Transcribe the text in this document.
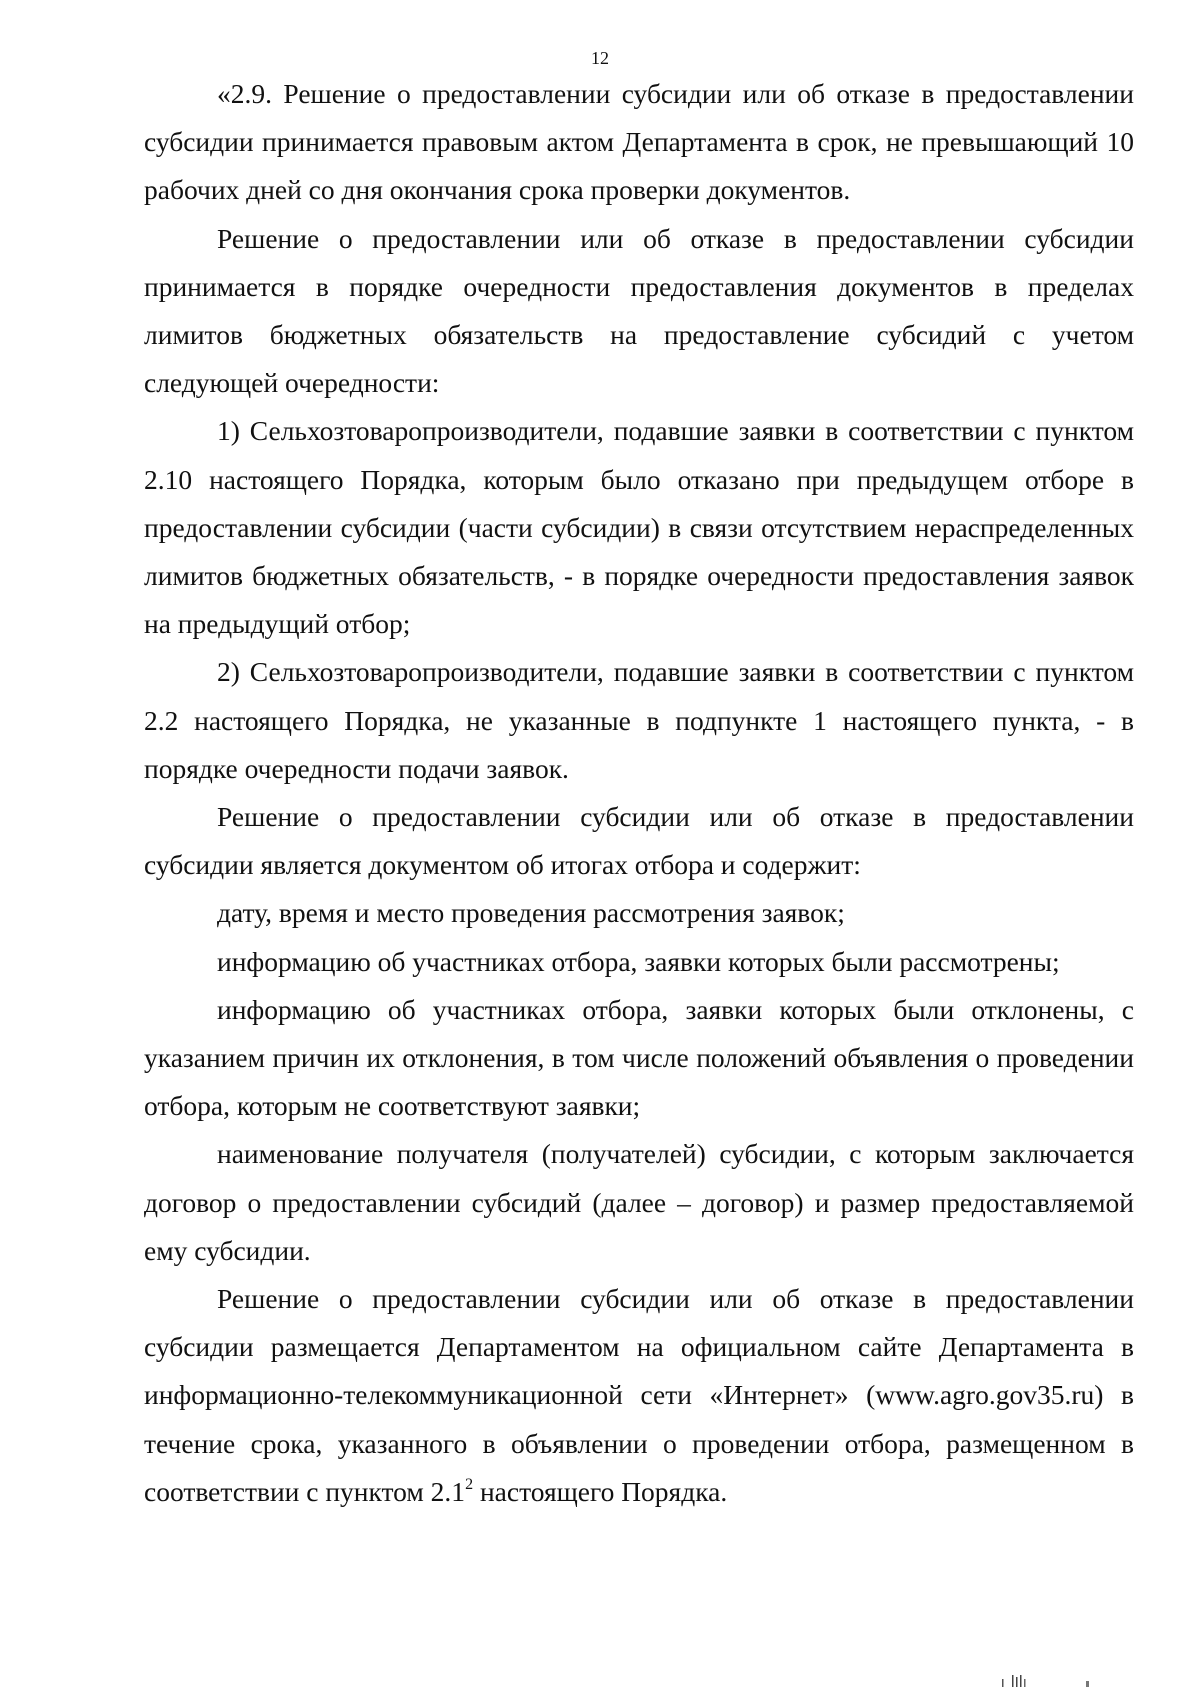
12

«2.9. Решение о предоставлении субсидии или об отказе в предоставлении субсидии принимается правовым актом Департамента в срок, не превышающий 10 рабочих дней со дня окончания срока проверки документов.

Решение о предоставлении или об отказе в предоставлении субсидии принимается в порядке очередности предоставления документов в пределах лимитов бюджетных обязательств на предоставление субсидий с учетом следующей очередности:

1) Сельхозтоваропроизводители, подавшие заявки в соответствии с пунктом 2.10 настоящего Порядка, которым было отказано при предыдущем отборе в предоставлении субсидии (части субсидии) в связи отсутствием нераспределенных лимитов бюджетных обязательств, - в порядке очередности предоставления заявок на предыдущий отбор;

2) Сельхозтоваропроизводители, подавшие заявки в соответствии с пунктом 2.2 настоящего Порядка, не указанные в подпункте 1 настоящего пункта, - в порядке очередности подачи заявок.

Решение о предоставлении субсидии или об отказе в предоставлении субсидии является документом об итогах отбора и содержит:

дату, время и место проведения рассмотрения заявок;

информацию об участниках отбора, заявки которых были рассмотрены;

информацию об участниках отбора, заявки которых были отклонены, с указанием причин их отклонения, в том числе положений объявления о проведении отбора, которым не соответствуют заявки;

наименование получателя (получателей) субсидии, с которым заключается договор о предоставлении субсидий (далее – договор) и размер предоставляемой ему субсидии.

Решение о предоставлении субсидии или об отказе в предоставлении субсидии размещается Департаментом на официальном сайте Департамента в информационно-телекоммуникационной сети «Интернет» (www.agro.gov35.ru) в течение срока, указанного в объявлении о проведении отбора, размещенном в соответствии с пунктом $2.1^2$ настоящего Порядка.
